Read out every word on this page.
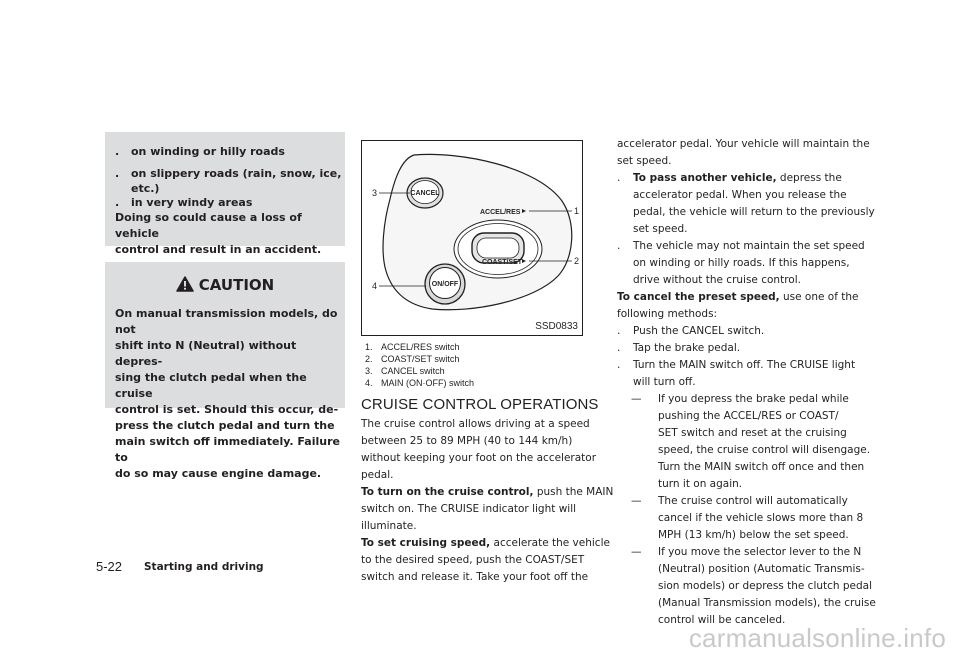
. on winding or hilly roads
. on slippery roads (rain, snow, ice,
etc.)
. in very windy areas
Doing so could cause a loss of vehicle
control and result in an accident.
CAUTION
On manual transmission models, do not
shift into N (Neutral) without depres-
sing the clutch pedal when the cruise
control is set. Should this occur, de-
press the clutch pedal and turn the
main switch off immediately. Failure to
do so may cause engine damage.
CANCEL
ACCEL/RES
COAST/SET
ON/OFF
1
2
3
4
SSD0833
1. ACCEL/RES switch
2. COAST/SET switch
3. CANCEL switch
4. MAIN (ON·OFF) switch
CRUISE CONTROL OPERATIONS
The cruise control allows driving at a speed
between 25 to 89 MPH (40 to 144 km/h)
without keeping your foot on the accelerator
pedal.
To turn on the cruise control, push the MAIN
switch on. The CRUISE indicator light will
illuminate.
To set cruising speed, accelerate the vehicle
to the desired speed, push the COAST/SET
switch and release it. Take your foot off the
accelerator pedal. Your vehicle will maintain the
set speed.
. To pass another vehicle, depress the
accelerator pedal. When you release the
pedal, the vehicle will return to the previously
set speed.
. The vehicle may not maintain the set speed
on winding or hilly roads. If this happens,
drive without the cruise control.
To cancel the preset speed, use one of the
following methods:
. Push the CANCEL switch.
. Tap the brake pedal.
. Turn the MAIN switch off. The CRUISE light
will turn off.
— If you depress the brake pedal while
pushing the ACCEL/RES or COAST/
SET switch and reset at the cruising
speed, the cruise control will disengage.
Turn the MAIN switch off once and then
turn it on again.
— The cruise control will automatically
cancel if the vehicle slows more than 8
MPH (13 km/h) below the set speed.
— If you move the selector lever to the N
(Neutral) position (Automatic Transmis-
sion models) or depress the clutch pedal
(Manual Transmission models), the cruise
control will be canceled.
5-22 Starting and driving
carmanualsonline.info
